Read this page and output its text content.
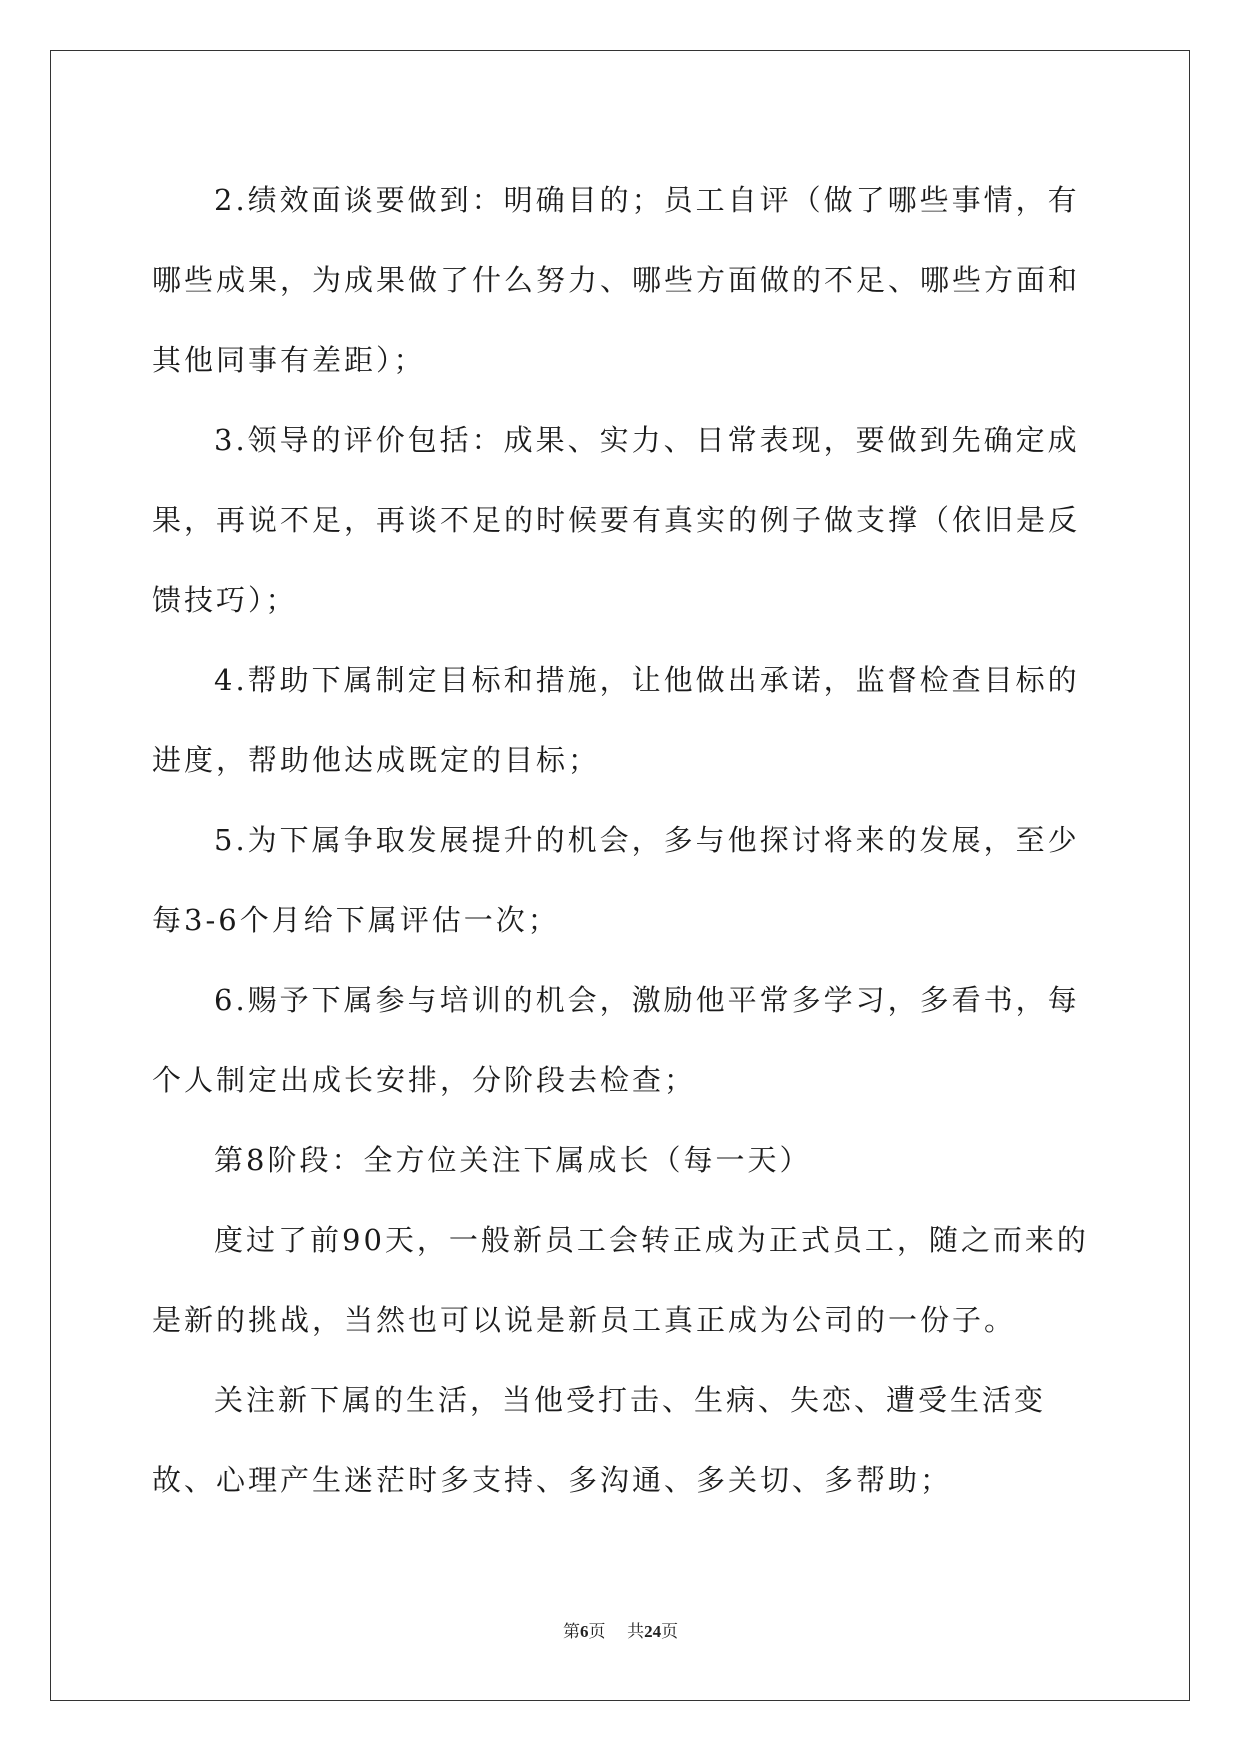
2.绩效面谈要做到：明确目的；员工自评（做了哪些事情，有哪些成果，为成果做了什么努力、哪些方面做的不足、哪些方面和其他同事有差距）；

3.领导的评价包括：成果、实力、日常表现，要做到先确定成果，再说不足，再谈不足的时候要有真实的例子做支撑（依旧是反馈技巧）；

4.帮助下属制定目标和措施，让他做出承诺，监督检查目标的进度，帮助他达成既定的目标；

5.为下属争取发展提升的机会，多与他探讨将来的发展，至少每3-6个月给下属评估一次；

6.赐予下属参与培训的机会，激励他平常多学习，多看书，每个人制定出成长安排，分阶段去检查；

第8阶段：全方位关注下属成长（每一天）

度过了前90天，一般新员工会转正成为正式员工，随之而来的是新的挑战，当然也可以说是新员工真正成为公司的一份子。

关注新下属的生活，当他受打击、生病、失恋、遭受生活变故、心理产生迷茫时多支持、多沟通、多关切、多帮助；

第6页 共24页
